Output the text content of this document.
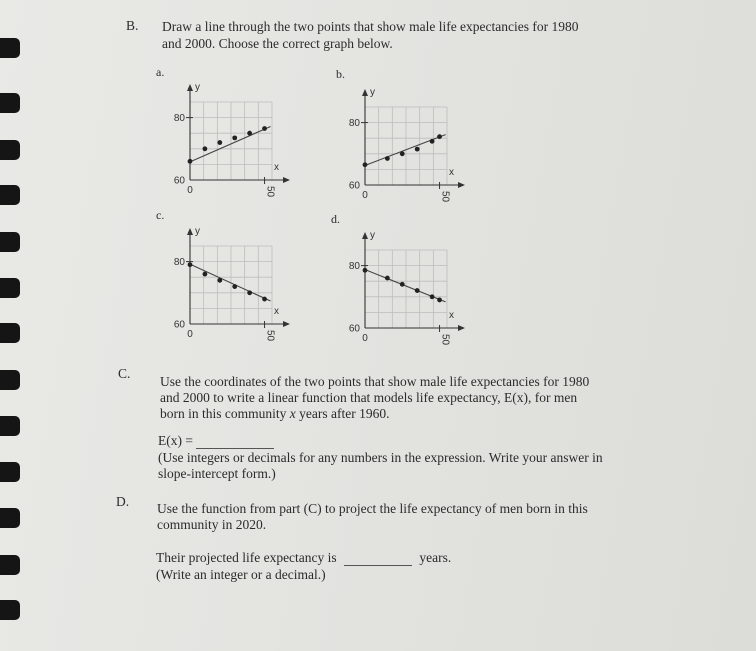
B. Draw a line through the two points that show male life expectancies for 1980
and 2000. Choose the correct graph below.
a.	b.
c.	d.
80
60
0	50
y
x
80
60
0	50
y
x
80
60
0	50
y
x
80
60
0	50
y
x
C.
Use the coordinates of the two points that show male life expectancies for 1980
and 2000 to write a linear function that models life expectancy, E(x), for men
born in this community x years after 1960.
E(x) =
(Use integers or decimals for any numbers in the expression. Write your answer in
slope-intercept form.)
D. Use the function from part (C) to project the life expectancy of men born in this
community in 2020.
Their projected life expectancy is	years.
(Write an integer or a decimal.)
